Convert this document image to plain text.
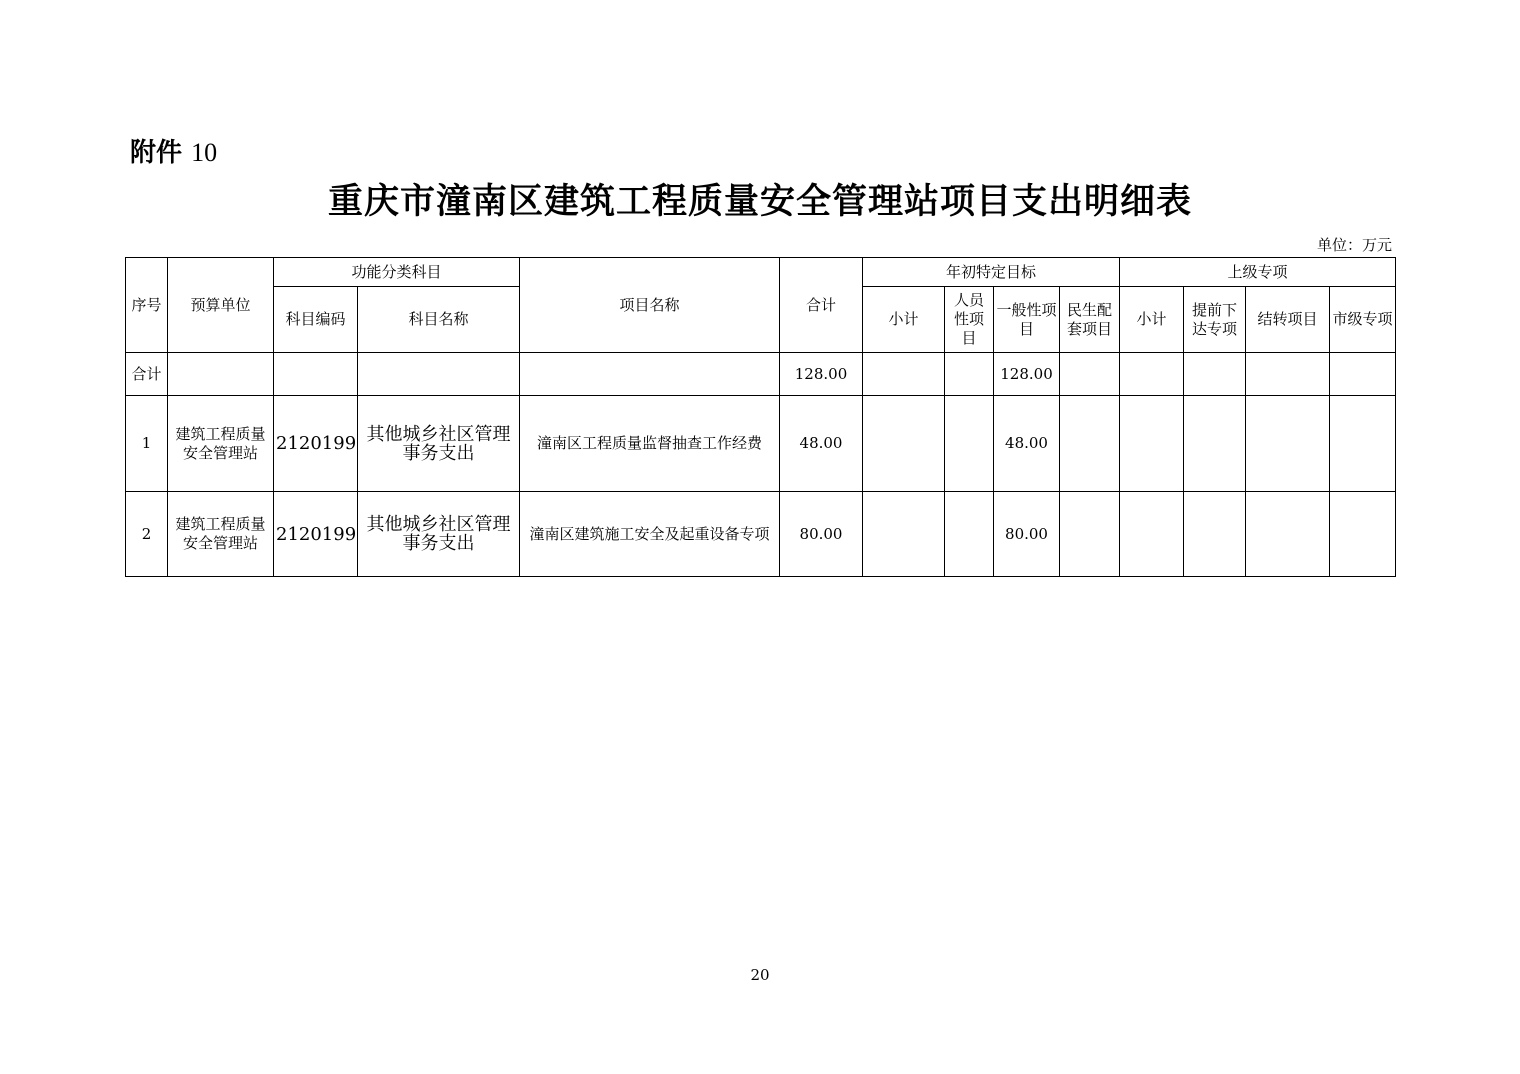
附件 10
重庆市潼南区建筑工程质量安全管理站项目支出明细表
单位：万元
序号	预算单位	功能分类科目		项目名称	合计	年初特定目标				上级专项			
		科目编码	科目名称			小计	人员性项目	一般性项目	民生配套项目	小计	提前下达专项	结转项目	市级专项
合计					128.00			128.00					
1	建筑工程质量安全管理站	2120199	其他城乡社区管理事务支出	潼南区工程质量监督抽查工作经费	48.00			48.00					
2	建筑工程质量安全管理站	2120199	其他城乡社区管理事务支出	潼南区建筑施工安全及起重设备专项	80.00			80.00					
20
